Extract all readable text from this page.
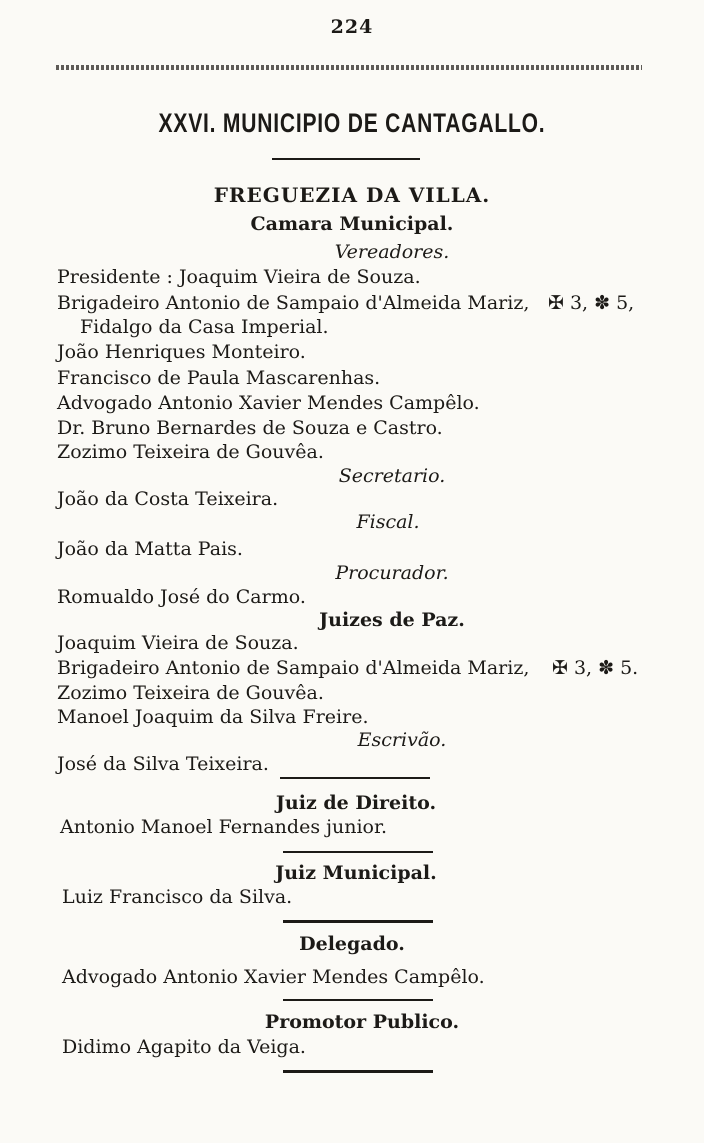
224
XXVI. MUNICIPIO DE CANTAGALLO.
FREGUEZIA DA VILLA.
Camara Municipal.
Vereadores.
Presidente : Joaquim Vieira de Souza.
Brigadeiro Antonio de Sampaio d'Almeida Mariz, ✠ 3, ✽ 5,
Fidalgo da Casa Imperial.
João Henriques Monteiro.
Francisco de Paula Mascarenhas.
Advogado Antonio Xavier Mendes Campêlo.
Dr. Bruno Bernardes de Souza e Castro.
Zozimo Teixeira de Gouvêa.
Secretario.
João da Costa Teixeira.
Fiscal.
João da Matta Pais.
Procurador.
Romualdo José do Carmo.
Juizes de Paz.
Joaquim Vieira de Souza.
Brigadeiro Antonio de Sampaio d'Almeida Mariz, ✠ 3, ✽ 5.
Zozimo Teixeira de Gouvêa.
Manoel Joaquim da Silva Freire.
Escrivão.
José da Silva Teixeira.
Juiz de Direito.
Antonio Manoel Fernandes junior.
Juiz Municipal.
Luiz Francisco da Silva.
Delegado.
Advogado Antonio Xavier Mendes Campêlo.
Promotor Publico.
Didimo Agapito da Veiga.
